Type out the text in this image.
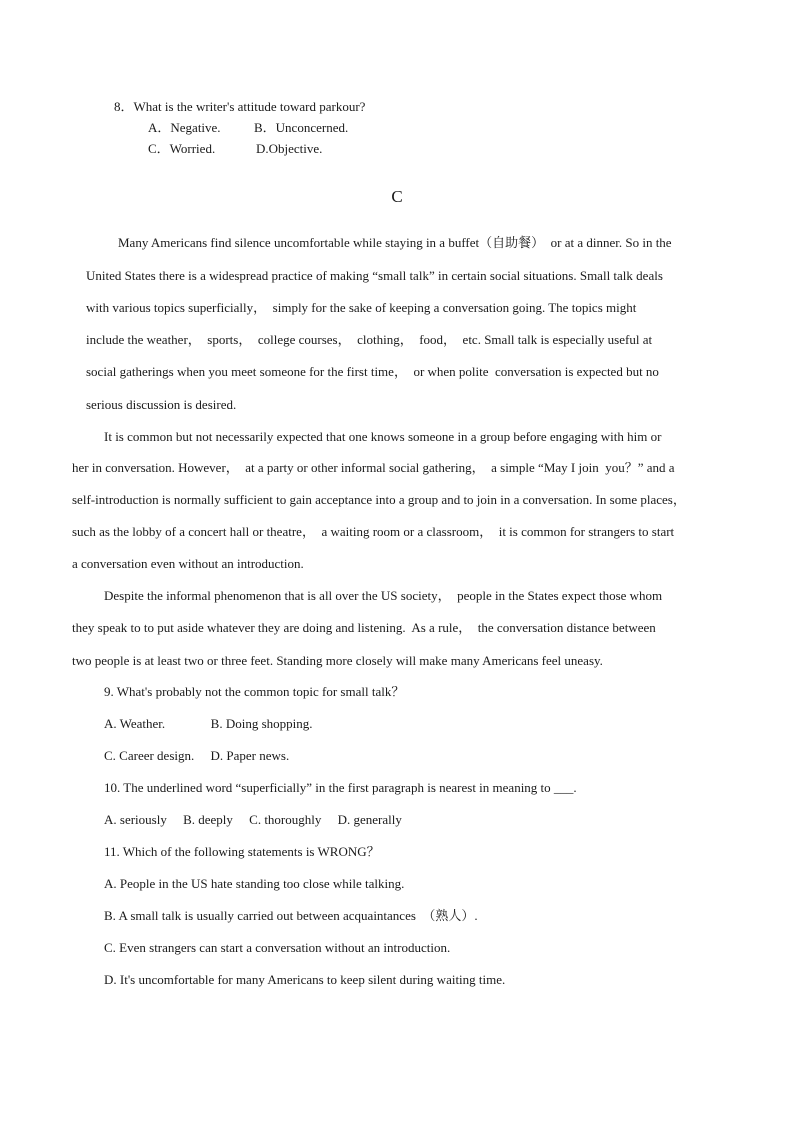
8．What is the writer's attitude toward parkour?
A．Negative.	B．Unconcerned.
C．Worried.	D.Objective.
C
Many Americans find silence uncomfortable while staying in a buffet（自助餐）  or at a dinner. So in the
United States there is a widespread practice of making “small talk” in certain social situations. Small talk deals
with various topics superficially，  simply for the sake of keeping a conversation going. The topics might
include the weather，  sports，  college courses，  clothing，  food，  etc. Small talk is especially useful at
social gatherings when you meet someone for the first time，  or when polite  conversation is expected but no
serious discussion is desired.
It is common but not necessarily expected that one knows someone in a group before engaging with him or
her in conversation. However，  at a party or other informal social gathering，  a simple “May I join  you？” and a
self-introduction is normally sufficient to gain acceptance into a group and to join in a conversation. In some places，
such as the lobby of a concert hall or theatre，  a waiting room or a classroom，  it is common for strangers to start
a conversation even without an introduction.
Despite the informal phenomenon that is all over the US society，  people in the States expect those whom
they speak to to put aside whatever they are doing and listening.  As a rule，  the conversation distance between
two people is at least two or three feet. Standing more closely will make many Americans feel uneasy.
9. What's probably not the common topic for small talk？
A. Weather.              B. Doing shopping.
C. Career design.     D. Paper news.
10. The underlined word “superficially” in the first paragraph is nearest in meaning to ___.
A. seriously     B. deeply     C. thoroughly     D. generally
11. Which of the following statements is WRONG？
A. People in the US hate standing too close while talking.
B. A small talk is usually carried out between acquaintances  （熟人）.
C. Even strangers can start a conversation without an introduction.
D. It's uncomfortable for many Americans to keep silent during waiting time.
